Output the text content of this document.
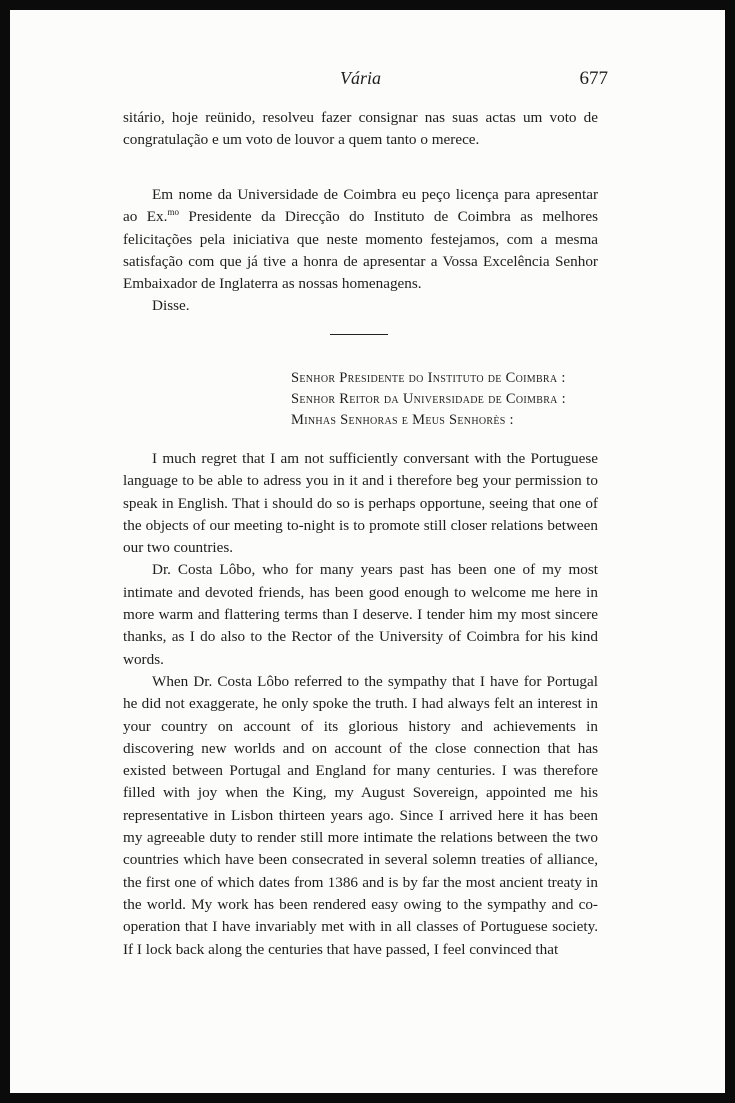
Vária	677

sitário, hoje reünido, resolveu fazer consignar nas suas actas um voto de congratulação e um voto de louvor a quem tanto o merece.

Em nome da Universidade de Coimbra eu peço licença para apresentar ao Ex.$^{mo}$ Presidente da Direcção do Instituto de Coimbra as melhores felicitações pela iniciativa que neste momento festejamos, com a mesma satisfação com que já tive a honra de apresentar a Vossa Excelência Senhor Embaixador de Inglaterra as nossas homenagens.

Disse.

Senhor Presidente do Instituto de Coimbra :
Senhor Reitor da Universidade de Coimbra :
Minhas Senhoras e Meus Senhorès :

I much regret that I am not sufficiently conversant with the Portuguese language to be able to adress you in it and i therefore beg your permission to speak in English. That i should do so is perhaps opportune, seeing that one of the objects of our meeting to-night is to promote still closer relations between our two countries.

Dr. Costa Lôbo, who for many years past has been one of my most intimate and devoted friends, has been good enough to welcome me here in more warm and flattering terms than I deserve. I tender him my most sincere thanks, as I do also to the Rector of the University of Coimbra for his kind words.

When Dr. Costa Lôbo referred to the sympathy that I have for Portugal he did not exaggerate, he only spoke the truth. I had always felt an interest in your country on account of its glorious history and achievements in discovering new worlds and on account of the close connection that has existed between Portugal and England for many centuries. I was therefore filled with joy when the King, my August Sovereign, appointed me his representative in Lisbon thirteen years ago. Since I arrived here it has been my agreeable duty to render still more intimate the relations between the two countries which have been consecrated in several solemn treaties of alliance, the first one of which dates from 1386 and is by far the most ancient treaty in the world. My work has been rendered easy owing to the sympathy and co-operation that I have invariably met with in all classes of Portuguese society. If I lock back along the centuries that have passed, I feel convinced that
